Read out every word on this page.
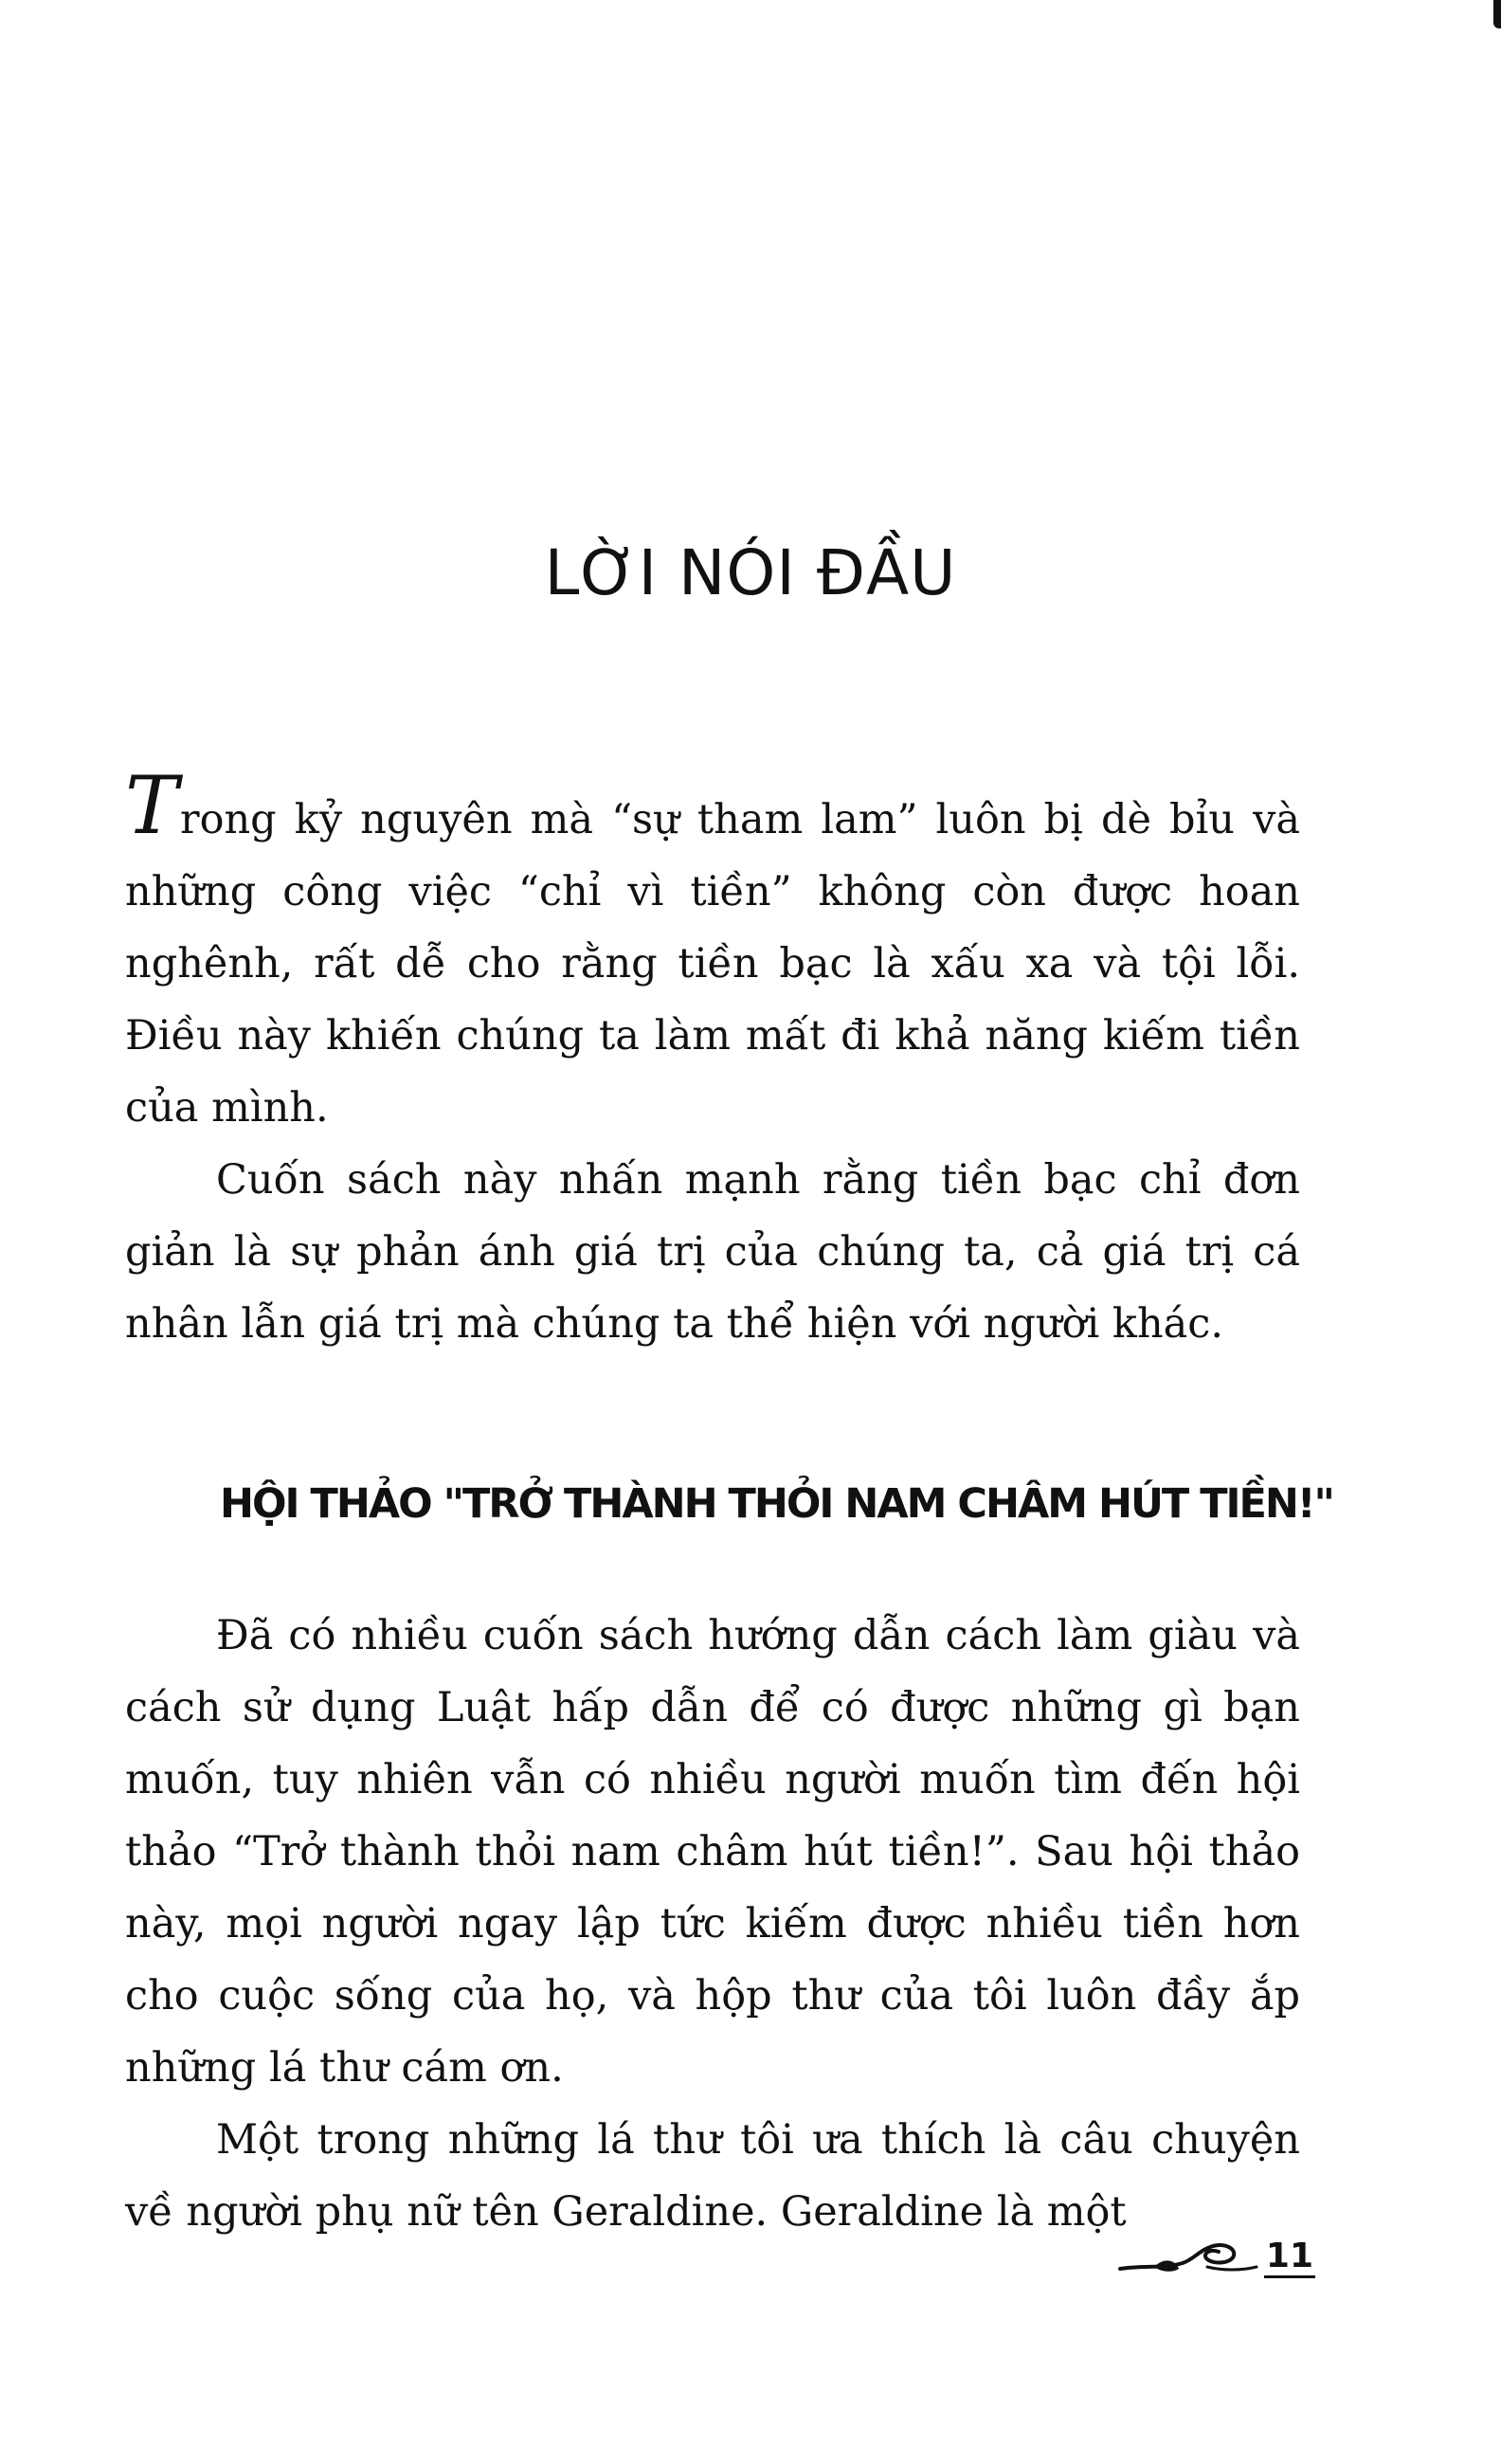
LỜI NÓI ĐẦU

Trong kỷ nguyên mà “sự tham lam” luôn bị dè bỉu và những công việc “chỉ vì tiền” không còn được hoan nghênh, rất dễ cho rằng tiền bạc là xấu xa và tội lỗi. Điều này khiến chúng ta làm mất đi khả năng kiếm tiền của mình.

Cuốn sách này nhấn mạnh rằng tiền bạc chỉ đơn giản là sự phản ánh giá trị của chúng ta, cả giá trị cá nhân lẫn giá trị mà chúng ta thể hiện với người khác.

HỘI THẢO "TRỞ THÀNH THỎI NAM CHÂM HÚT TIỀN!"

Đã có nhiều cuốn sách hướng dẫn cách làm giàu và cách sử dụng Luật hấp dẫn để có được những gì bạn muốn, tuy nhiên vẫn có nhiều người muốn tìm đến hội thảo “Trở thành thỏi nam châm hút tiền!”. Sau hội thảo này, mọi người ngay lập tức kiếm được nhiều tiền hơn cho cuộc sống của họ, và hộp thư của tôi luôn đầy ắp những lá thư cám ơn.

Một trong những lá thư tôi ưa thích là câu chuyện về người phụ nữ tên Geraldine. Geraldine là một

11
